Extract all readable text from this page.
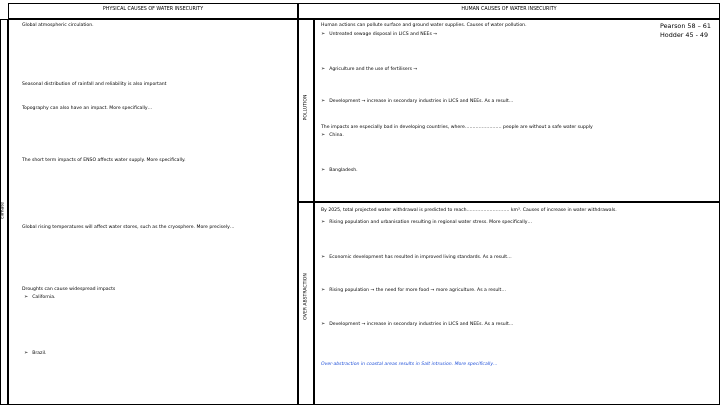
PHYSICAL CAUSES OF WATER INSECURITY	HUMAN CAUSES OF WATER INSECURITY
climate
POLLUTION
OVER ABSTRACTION
Global atmospheric circulation.
Seasonal distribution of rainfall and reliability is also important
Topography can also have an impact. More specifically…
The short term impacts of ENSO affects water supply. More specifically.
Global rising temperatures will affect water stores, such as the cryosphere. More precisely…
Droughts can cause widespread impacts
➢ California.
➢ Brazil.
Human actions can pollute surface and ground water supplies. Causes of water pollution.
➢ Untreated sewage disposal in LICS and NEEs →
Pearson 58 – 61
Hodder 45 - 49
➢ Agriculture and the use of fertilisers →
➢ Development → increase in secondary industries in LICS and NEEs. As a result…
The impacts are especially bad in developing countries, where…………………… people are without a safe water supply
➢ China.
➢ Bangladesh.
By 2025, total projected water withdrawal is predicted to reach………………………. km³. Causes of increase in water withdrawals.
➢ Rising population and urbanisation resulting in regional water stress. More specifically…
➢ Economic development has resulted in improved living standards. As a result…
➢ Rising population → the need for more food → more agriculture. As a result…
➢ Development → increase in secondary industries in LICS and NEEs. As a result…
Over-abstraction in coastal areas results in Salt intrusion. More specifically…
